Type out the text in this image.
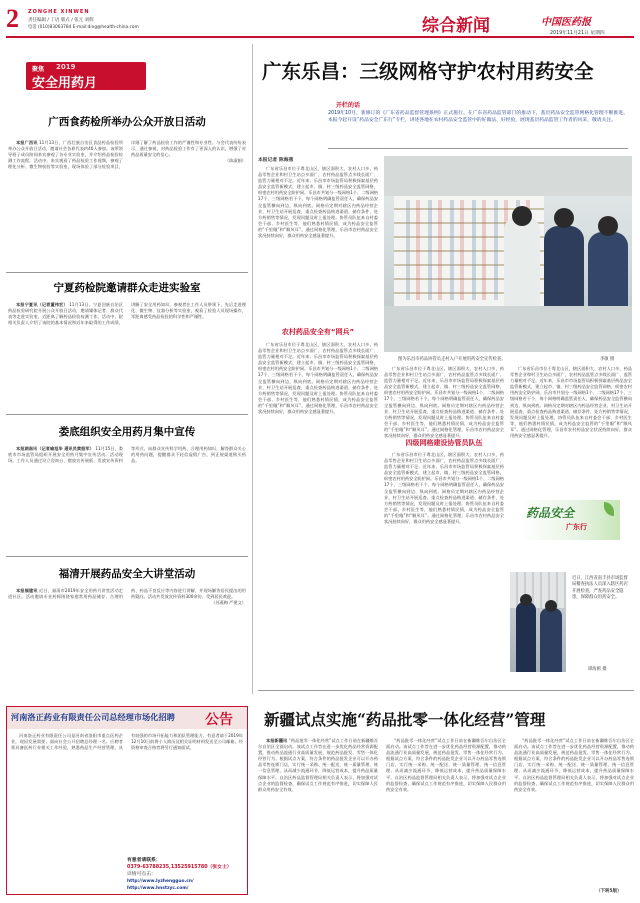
2 ZONGHE XINWEN
责任编辑 / 丁语 版式 / 张元 刘辉
电话 (010)83063784 E-mail:ding@health-china.com	综合新闻	中国医药报
2019年11月21日 星期四
聚焦 2019
安全用药月
广西食药检所举办公众开放日活动

本报广西讯 11月13日，广西壮族自治区食品药品检验所举办公众开放日活动，邀请社会各界代表约40人参加。该所领导班子成员陪同来宾参观了各专业实验室，并介绍药品检验检测工作流程。活动中，来宾观看了药品检验工作视频，参观了理化分析、微生物检验等实验室，现场体验了部分检验项目，详细了解了药品检验工作的严谨性和专业性。与会代表纷纷表示，通过参观，对药品检验工作有了更深入的认识，增强了对药品质量安全的信心。

（陈淑娟）

宁夏药检院邀请群众走进实验室

本报宁夏讯（记者董伟宏） 11月13日，宁夏回族自治区药品检验研究院开展公众开放日活动，邀请媒体记者、群众代表等走进实验室，近距离了解药品检验检测工作。活动中，院相关负责人介绍了该院的基本情况和近年来取得的工作成绩，讲解了安全用药知识。参观者在工作人员带领下，先后走进理化、微生物、仪器分析等实验室，观看了检验人员现场操作，零距离感受药品检验的科学性和严谨性。

娄底组织安全用药月集中宣传

本报湖南讯（记者喻旭华 通讯员黄振军） 11月15日，娄底市市场监管局组织开展安全用药月集中宣传活动。活动现场，工作人员通过设立咨询台、摆放宣传展板、发放宣传资料等形式，向群众宣传科学用药、合理用药知识，解答群众关心的用药问题，提醒群众不轻信虚假广告，到正规渠道购买药品。

福清开展药品安全大讲堂活动

本报福建讯 近日，福清市2019年安全用药月讲堂活动走进社区。活动邀请专业药师围绕家庭常用药品储存、合理用药、药品不良反应等内容进行讲解，并现场解答居民提出的用药疑问。活动共发放宣传资料300余份，受到居民欢迎。

（苏燕梅 严建文）

河南洛正药业有限责任公司总经理市场化招聘	公告

河南洛正药业有限责任公司是河南省洛阳市重点医药企业，现因发展需要，面向社会公开招聘总经理一名。应聘者须具备医药行业相关工作经验，熟悉药品生产经营管理，具有较强的市场开拓能力和团队管理能力。有意者请于2019年12月10日前将个人简历及相关证明材料发送至公司邮箱，经资格审查合格者将另行通知面试。

有意者请联系：
0379-63788235,13525915780（张女士）
详情可点击：
http://www.lyzhengguo.cn/ http://www.hnstzyc.com/
广东乐昌：三级网格守护农村用药安全
开栏的话
2019年10月，新修订的《广东省药品监督管理条例》正式施行。在广东省药品监管部门的推动下，基层药品安全监管网格化管理不断推进。本报今起开设“药品安全广东行”专栏，讲述各地在农村药品安全监管中的好做法、好经验，展现基层药品监管工作者的风采，敬请关注。
本报记者 陈海燕

广东省乐昌市位于粤北山区，辖区面积大、农村人口多，药品零售企业和村卫生站点多面广，农村药品监管点多线长面广、监管力量相对不足。近年来，乐昌市市场监管局积极探索基层药品安全监管新模式，建立起市、镇、村三级药品安全监管网格，织密农村用药安全防护网。乐昌市共划分一级网格1个、二级网格17个、三级网格若干个，每个网格明确监管责任人，确保药品安全监管横向到边、纵向到底。网格员定期对辖区内药品经营企业、村卫生站开展巡查，重点检查药品购进渠道、储存条件、处方药销售等情况，发现问题及时上报处理。协管员队伍来自村委会干部、乡村医生等，他们熟悉村情民情，成为药品安全监管的“千里眼”和“顺风耳”。通过网格化管理，乐昌市农村药品安全状况持续向好，群众用药安全感显著提升。

农村药品安全有“网兵”

广东省乐昌市位于粤北山区，辖区面积大、农村人口多，药品零售企业和村卫生站点多面广，农村药品监管点多线长面广、监管力量相对不足。近年来，乐昌市市场监管局积极探索基层药品安全监管新模式，建立起市、镇、村三级药品安全监管网格，织密农村用药安全防护网。乐昌市共划分一级网格1个、二级网格17个、三级网格若干个，每个网格明确监管责任人，确保药品安全监管横向到边、纵向到底。网格员定期对辖区内药品经营企业、村卫生站开展巡查，重点检查药品购进渠道、储存条件、处方药销售等情况，发现问题及时上报处理。协管员队伍来自村委会干部、乡村医生等，他们熟悉村情民情，成为药品安全监管的“千里眼”和“顺风耳”。通过网格化管理，乐昌市农村药品安全状况持续向好，群众用药安全感显著提升。

图为乐昌市药品协管员走村入户开展用药安全宣传检查。	李敏 摄

广东省乐昌市位于粤北山区，辖区面积大、农村人口多，药品零售企业和村卫生站点多面广，农村药品监管点多线长面广、监管力量相对不足。近年来，乐昌市市场监管局积极探索基层药品安全监管新模式，建立起市、镇、村三级药品安全监管网格，织密农村用药安全防护网。乐昌市共划分一级网格1个、二级网格17个、三级网格若干个，每个网格明确监管责任人，确保药品安全监管横向到边、纵向到底。网格员定期对辖区内药品经营企业、村卫生站开展巡查，重点检查药品购进渠道、储存条件、处方药销售等情况，发现问题及时上报处理。协管员队伍来自村委会干部、乡村医生等，他们熟悉村情民情，成为药品安全监管的“千里眼”和“顺风耳”。通过网格化管理，乐昌市农村药品安全状况持续向好，群众用药安全感显著提升。

四级网格建设协管员队伍

广东省乐昌市位于粤北山区，辖区面积大、农村人口多，药品零售企业和村卫生站点多面广，农村药品监管点多线长面广、监管力量相对不足。近年来，乐昌市市场监管局积极探索基层药品安全监管新模式，建立起市、镇、村三级药品安全监管网格，织密农村用药安全防护网。乐昌市共划分一级网格1个、二级网格17个、三级网格若干个，每个网格明确监管责任人，确保药品安全监管横向到边、纵向到底。网格员定期对辖区内药品经营企业、村卫生站开展巡查，重点检查药品购进渠道、储存条件、处方药销售等情况，发现问题及时上报处理。协管员队伍来自村委会干部、乡村医生等，他们熟悉村情民情，成为药品安全监管的“千里眼”和“顺风耳”。通过网格化管理，乐昌市农村药品安全状况持续向好，群众用药安全感显著提升。

广东省乐昌市位于粤北山区，辖区面积大、农村人口多，药品零售企业和村卫生站点多面广，农村药品监管点多线长面广、监管力量相对不足。近年来，乐昌市市场监管局积极探索基层药品安全监管新模式，建立起市、镇、村三级药品安全监管网格，织密农村用药安全防护网。乐昌市共划分一级网格1个、二级网格17个、三级网格若干个，每个网格明确监管责任人，确保药品安全监管横向到边、纵向到底。网格员定期对辖区内药品经营企业、村卫生站开展巡查，重点检查药品购进渠道、储存条件、处方药销售等情况，发现问题及时上报处理。协管员队伍来自村委会干部、乡村医生等，他们熟悉村情民情，成为药品安全监管的“千里眼”和“顺风耳”。通过网格化管理，乐昌市农村药品安全状况持续向好，群众用药安全感显著提升。

药品安全
广东行
近日，江西省南丰县市场监督局稽查执法人员深入辖区药店开展检查，严查药品安全隐患，保障群众用药安全。
谭海鸥 摄
新疆试点实施“药品批零一体化经营”管理

本报新疆讯 “药品批零一体化经营”试点工作日前在新疆维吾尔自治区全面启动。该试点工作旨在进一步优化药品经营资源配置，推动药品流通行业高质量发展，规范药品批发、零售一体化经营行为。根据试点方案，符合条件的药品批发企业可以开办药品零售连锁门店，实行统一采购、统一配送、统一质量管理、统一信息管理，从而减少流通环节，降低运营成本，提升药品质量保障水平。自治区药品监督管理局相关负责人表示，将加强对试点企业的监督检查，确保试点工作规范有序推进，切实保障人民群众用药安全有效。

“药品批零一体化经营”试点工作日前在新疆维吾尔自治区全面启动。该试点工作旨在进一步优化药品经营资源配置，推动药品流通行业高质量发展，规范药品批发、零售一体化经营行为。根据试点方案，符合条件的药品批发企业可以开办药品零售连锁门店，实行统一采购、统一配送、统一质量管理、统一信息管理，从而减少流通环节，降低运营成本，提升药品质量保障水平。自治区药品监督管理局相关负责人表示，将加强对试点企业的监督检查，确保试点工作规范有序推进，切实保障人民群众用药安全有效。

“药品批零一体化经营”试点工作日前在新疆维吾尔自治区全面启动。该试点工作旨在进一步优化药品经营资源配置，推动药品流通行业高质量发展，规范药品批发、零售一体化经营行为。根据试点方案，符合条件的药品批发企业可以开办药品零售连锁门店，实行统一采购、统一配送、统一质量管理、统一信息管理，从而减少流通环节，降低运营成本，提升药品质量保障水平。自治区药品监督管理局相关负责人表示，将加强对试点企业的监督检查，确保试点工作规范有序推进，切实保障人民群众用药安全有效。

（下转5版）
